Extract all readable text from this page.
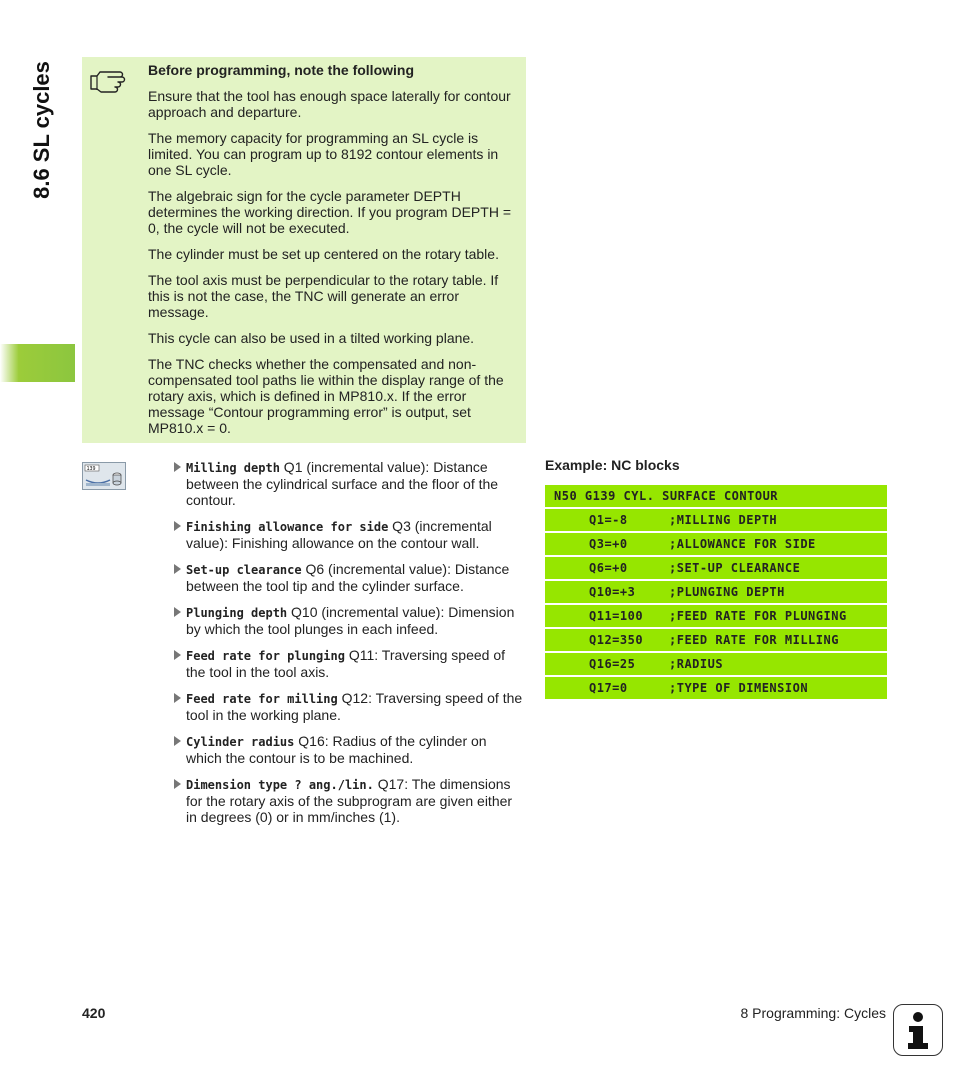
8.6 SL cycles	Before programming, note the following

Ensure that the tool has enough space laterally for contour approach and departure.

The memory capacity for programming an SL cycle is limited. You can program up to 8192 contour elements in one SL cycle.

The algebraic sign for the cycle parameter DEPTH determines the working direction. If you program DEPTH = 0, the cycle will not be executed.

The cylinder must be set up centered on the rotary table.

The tool axis must be perpendicular to the rotary table. If this is not the case, the TNC will generate an error message.

This cycle can also be used in a tilted working plane.

The TNC checks whether the compensated and non-compensated tool paths lie within the display range of the rotary axis, which is defined in MP810.x. If the error message “Contour programming error” is output, set MP810.x = 0.

139	Milling depth Q1 (incremental value): Distance between the cylindrical surface and the floor of the contour.
Finishing allowance for side Q3 (incremental value): Finishing allowance on the contour wall.
Set-up clearance Q6 (incremental value): Distance between the tool tip and the cylinder surface.
Plunging depth Q10 (incremental value): Dimension by which the tool plunges in each infeed.
Feed rate for plunging Q11: Traversing speed of the tool in the tool axis.
Feed rate for milling Q12: Traversing speed of the tool in the working plane.
Cylinder radius Q16: Radius of the cylinder on which the contour is to be machined.
Dimension type ? ang./lin. Q17: The dimensions for the rotary axis of the subprogram are given either in degrees (0) or in mm/inches (1).
Example: NC blocks
N50 G139 CYL. SURFACE CONTOUR
Q1=-8	;MILLING DEPTH
Q3=+0	;ALLOWANCE FOR SIDE
Q6=+0	;SET-UP CLEARANCE
Q10=+3	;PLUNGING DEPTH
Q11=100 ;FEED RATE FOR PLUNGING
Q12=350 ;FEED RATE FOR MILLING
Q16=25	;RADIUS
Q17=0	;TYPE OF DIMENSION
420	8 Programming: Cycles
